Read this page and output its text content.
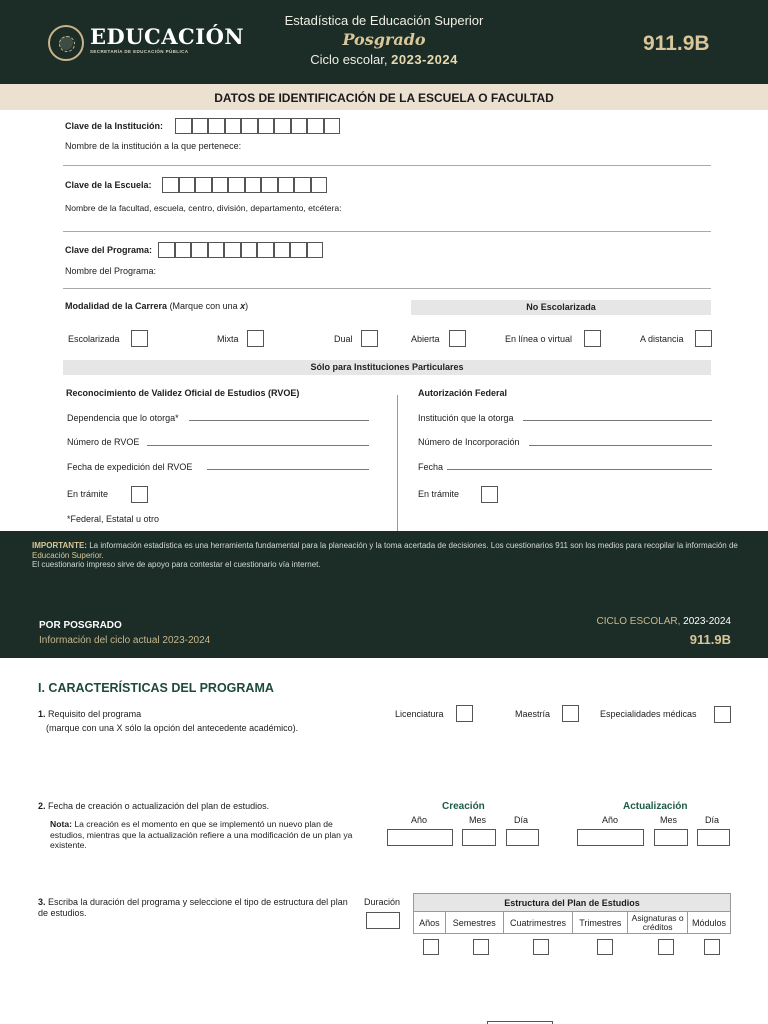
EDUCACIÓN
SECRETARÍA DE EDUCACIÓN PÚBLICA
Estadística de Educación Superior
Posgrado
Ciclo escolar, 2023-2024
911.9B
DATOS DE IDENTIFICACIÓN DE LA ESCUELA O FACULTAD
Clave de la Institución:
Nombre de la institución a la que pertenece:
Clave de la Escuela:
Nombre de la facultad, escuela, centro, división, departamento, etcétera:
Clave del Programa:
Nombre del Programa:
Modalidad de la Carrera (Marque con una x)	No Escolarizada
Escolarizada	Mixta	Dual	Abierta	En línea o virtual	A distancia
Sólo para Instituciones Particulares
Reconocimiento de Validez Oficial de Estudios (RVOE)
Dependencia que lo otorga*
Número de RVOE
Fecha de expedición del RVOE
En trámite
*Federal, Estatal u otro
Autorización Federal
Institución que la otorga
Número de Incorporación
Fecha
En trámite
IMPORTANTE: La información estadística es una herramienta fundamental para la planeación y la toma acertada de decisiones. Los cuestionarios 911 son los medios para recopilar la información de Educación Superior.
El cuestionario impreso sirve de apoyo para contestar el cuestionario vía internet.
POR POSGRADO
Información del ciclo actual 2023-2024
CICLO ESCOLAR, 2023-2024
911.9B
I. CARACTERÍSTICAS DEL PROGRAMA
1. Requisito del programa
(marque con una X sólo la opción del antecedente académico).
Licenciatura	Maestría	Especialidades médicas
2. Fecha de creación o actualización del plan de estudios.
Nota: La creación es el momento en que se implementó un nuevo plan de estudios, mientras que la actualización refiere a una modificación de un plan ya existente.
Creación
Año	Mes	Día
Actualización
Año	Mes	Día
3. Escriba la duración del programa y seleccione el tipo de estructura del plan de estudios.
Duración	Estructura del Plan de Estudios
Años	Semestres	Cuatrimestres	Trimestres	Asignaturas o créditos	Módulos
